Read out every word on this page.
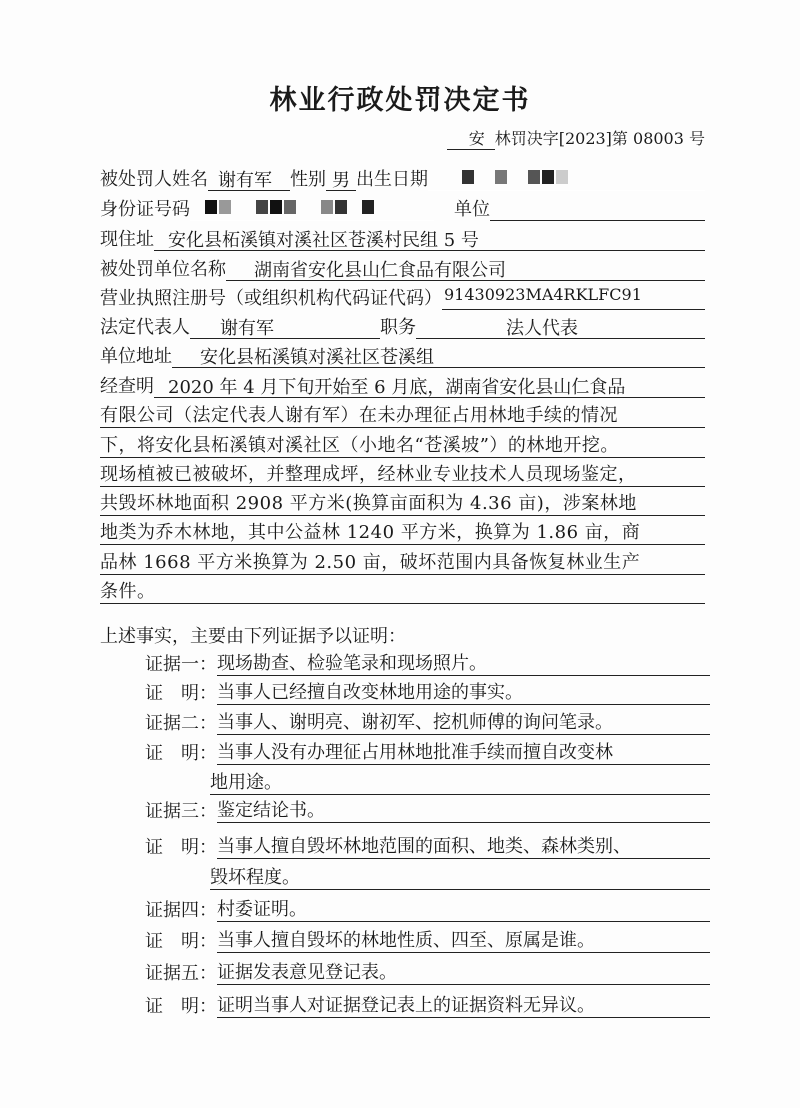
林业行政处罚决定书
安 林罚决字[2023]第 08003 号
被处罚人姓名 谢有军	性别 男 出生日期
身份证号码	单位
现住址 安化县柘溪镇对溪社区苍溪村民组 5 号
被处罚单位名称	湖南省安化县山仁食品有限公司
营业执照注册号（或组织机构代码证代码） 91430923MA4RKLFC91
法定代表人	谢有军	职务	法人代表
单位地址	安化县柘溪镇对溪社区苍溪组
经查明 2020 年 4 月下旬开始至 6 月底，湖南省安化县山仁食品
有限公司（法定代表人谢有军）在未办理征占用林地手续的情况
下，将安化县柘溪镇对溪社区（小地名“苍溪坡”）的林地开挖。
现场植被已被破坏，并整理成坪，经林业专业技术人员现场鉴定，
共毁坏林地面积 2908 平方米(换算亩面积为 4.36 亩)，涉案林地
地类为乔木林地，其中公益林 1240 平方米，换算为 1.86 亩，商
品林 1668 平方米换算为 2.50 亩，破坏范围内具备恢复林业生产
条件。
上述事实，主要由下列证据予以证明：
证据一： 现场勘查、检验笔录和现场照片。
证　明： 当事人已经擅自改变林地用途的事实。
证据二： 当事人、谢明亮、谢初军、挖机师傅的询问笔录。
证　明： 当事人没有办理征占用林地批准手续而擅自改变林
地用途。
证据三： 鉴定结论书。
证　明： 当事人擅自毁坏林地范围的面积、地类、森林类别、
毁坏程度。
证据四： 村委证明。
证　明： 当事人擅自毁坏的林地性质、四至、原属是谁。
证据五： 证据发表意见登记表。
证　明： 证明当事人对证据登记表上的证据资料无异议。
